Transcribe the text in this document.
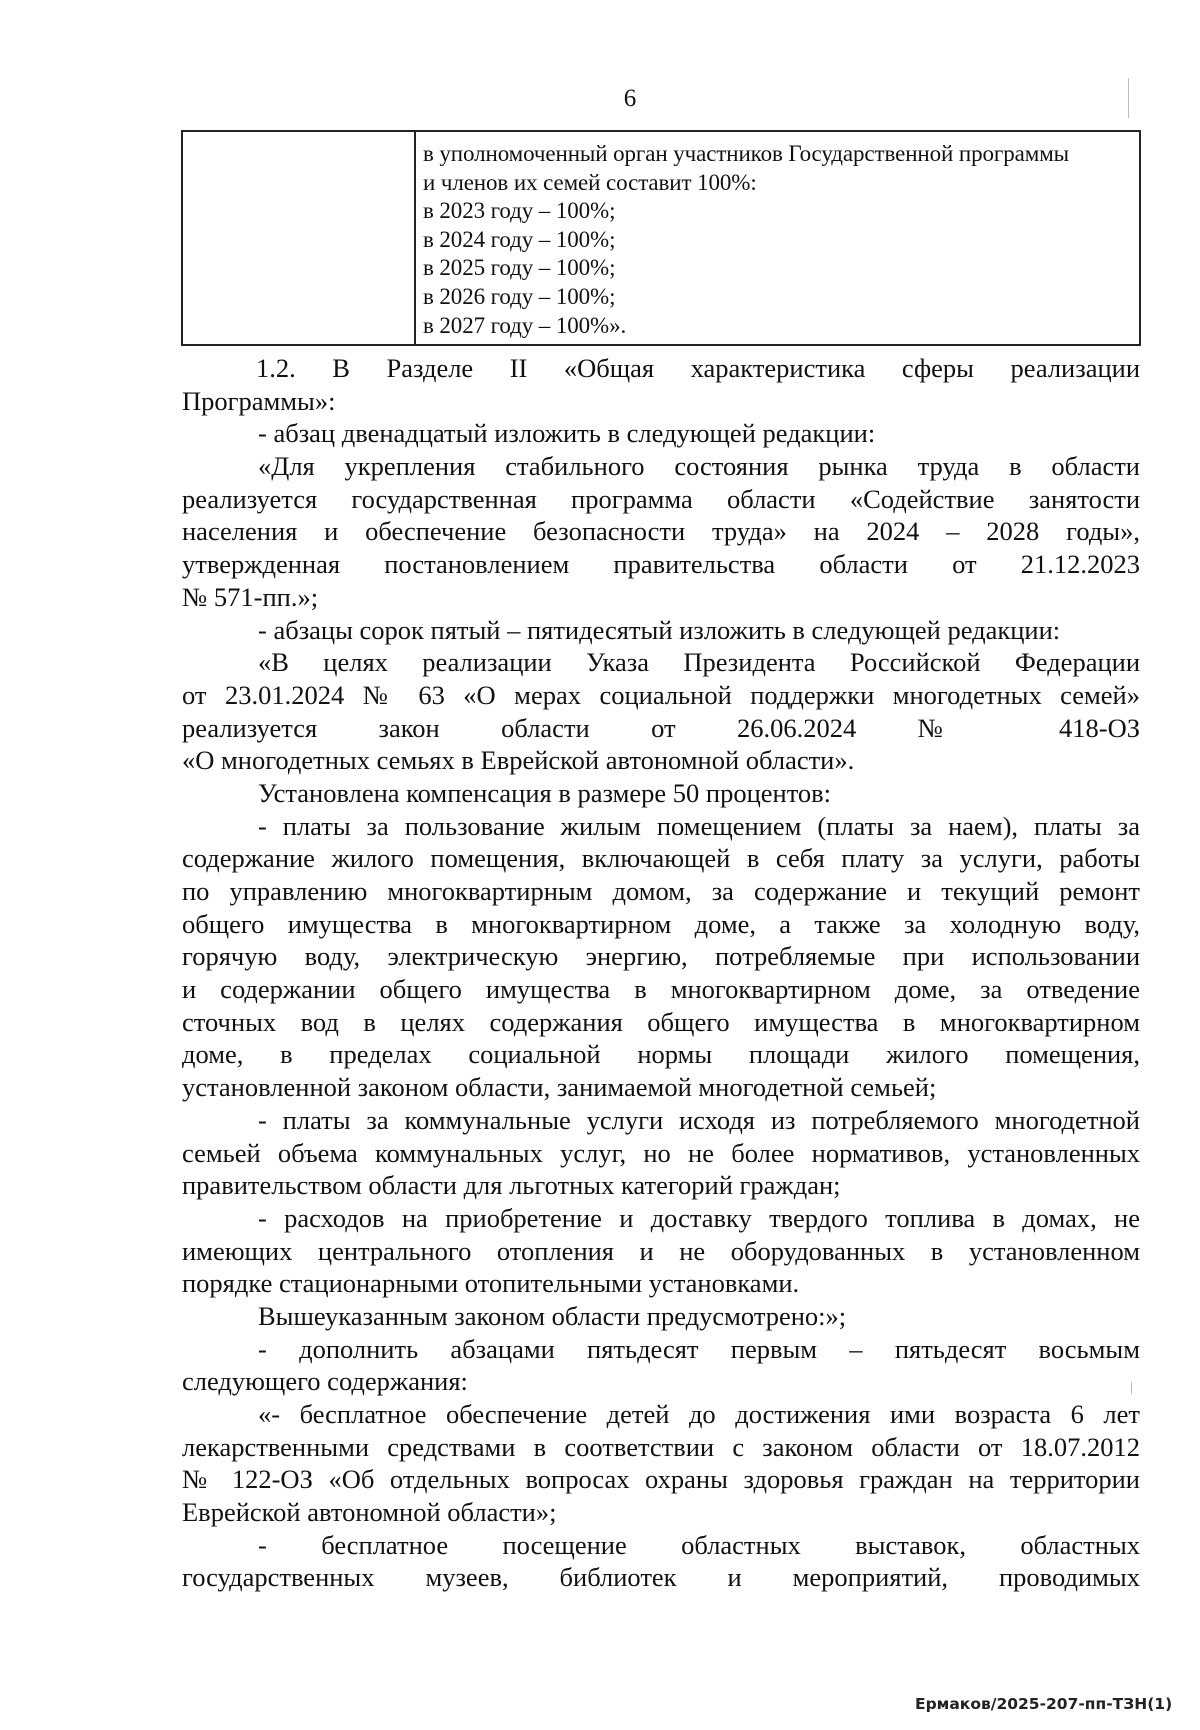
6
в уполномоченный орган участников Государственной программы
и членов их семей составит 100%:
в 2023 году – 100%;
в 2024 году – 100%;
в 2025 году – 100%;
в 2026 году – 100%;
в 2027 году – 100%».
1.2. В Разделе II «Общая характеристика сферы реализации
Программы»:
- абзац двенадцатый изложить в следующей редакции:
«Для укрепления стабильного состояния рынка труда в области
реализуется государственная программа области «Содействие занятости
населения и обеспечение безопасности труда» на 2024 – 2028 годы»,
утвержденная постановлением правительства области от 21.12.2023
№ 571-пп.»;
- абзацы сорок пятый – пятидесятый изложить в следующей редакции:
«В целях реализации Указа Президента Российской Федерации
от 23.01.2024 № 63 «О мерах социальной поддержки многодетных семей»
реализуется закон области от 26.06.2024 № 418-ОЗ
«О многодетных семьях в Еврейской автономной области».
Установлена компенсация в размере 50 процентов:
- платы за пользование жилым помещением (платы за наем), платы за
содержание жилого помещения, включающей в себя плату за услуги, работы
по управлению многоквартирным домом, за содержание и текущий ремонт
общего имущества в многоквартирном доме, а также за холодную воду,
горячую воду, электрическую энергию, потребляемые при использовании
и содержании общего имущества в многоквартирном доме, за отведение
сточных вод в целях содержания общего имущества в многоквартирном
доме, в пределах социальной нормы площади жилого помещения,
установленной законом области, занимаемой многодетной семьей;
- платы за коммунальные услуги исходя из потребляемого многодетной
семьей объема коммунальных услуг, но не более нормативов, установленных
правительством области для льготных категорий граждан;
- расходов на приобретение и доставку твердого топлива в домах, не
имеющих центрального отопления и не оборудованных в установленном
порядке стационарными отопительными установками.
Вышеуказанным законом области предусмотрено:»;
- дополнить абзацами пятьдесят первым – пятьдесят восьмым
следующего содержания:
«- бесплатное обеспечение детей до достижения ими возраста 6 лет
лекарственными средствами в соответствии с законом области от 18.07.2012
№ 122-ОЗ «Об отдельных вопросах охраны здоровья граждан на территории
Еврейской автономной области»;
- бесплатное посещение областных выставок, областных
государственных музеев, библиотек и мероприятий, проводимых
Ермаков/2025-207-пп-ТЗН(1)
